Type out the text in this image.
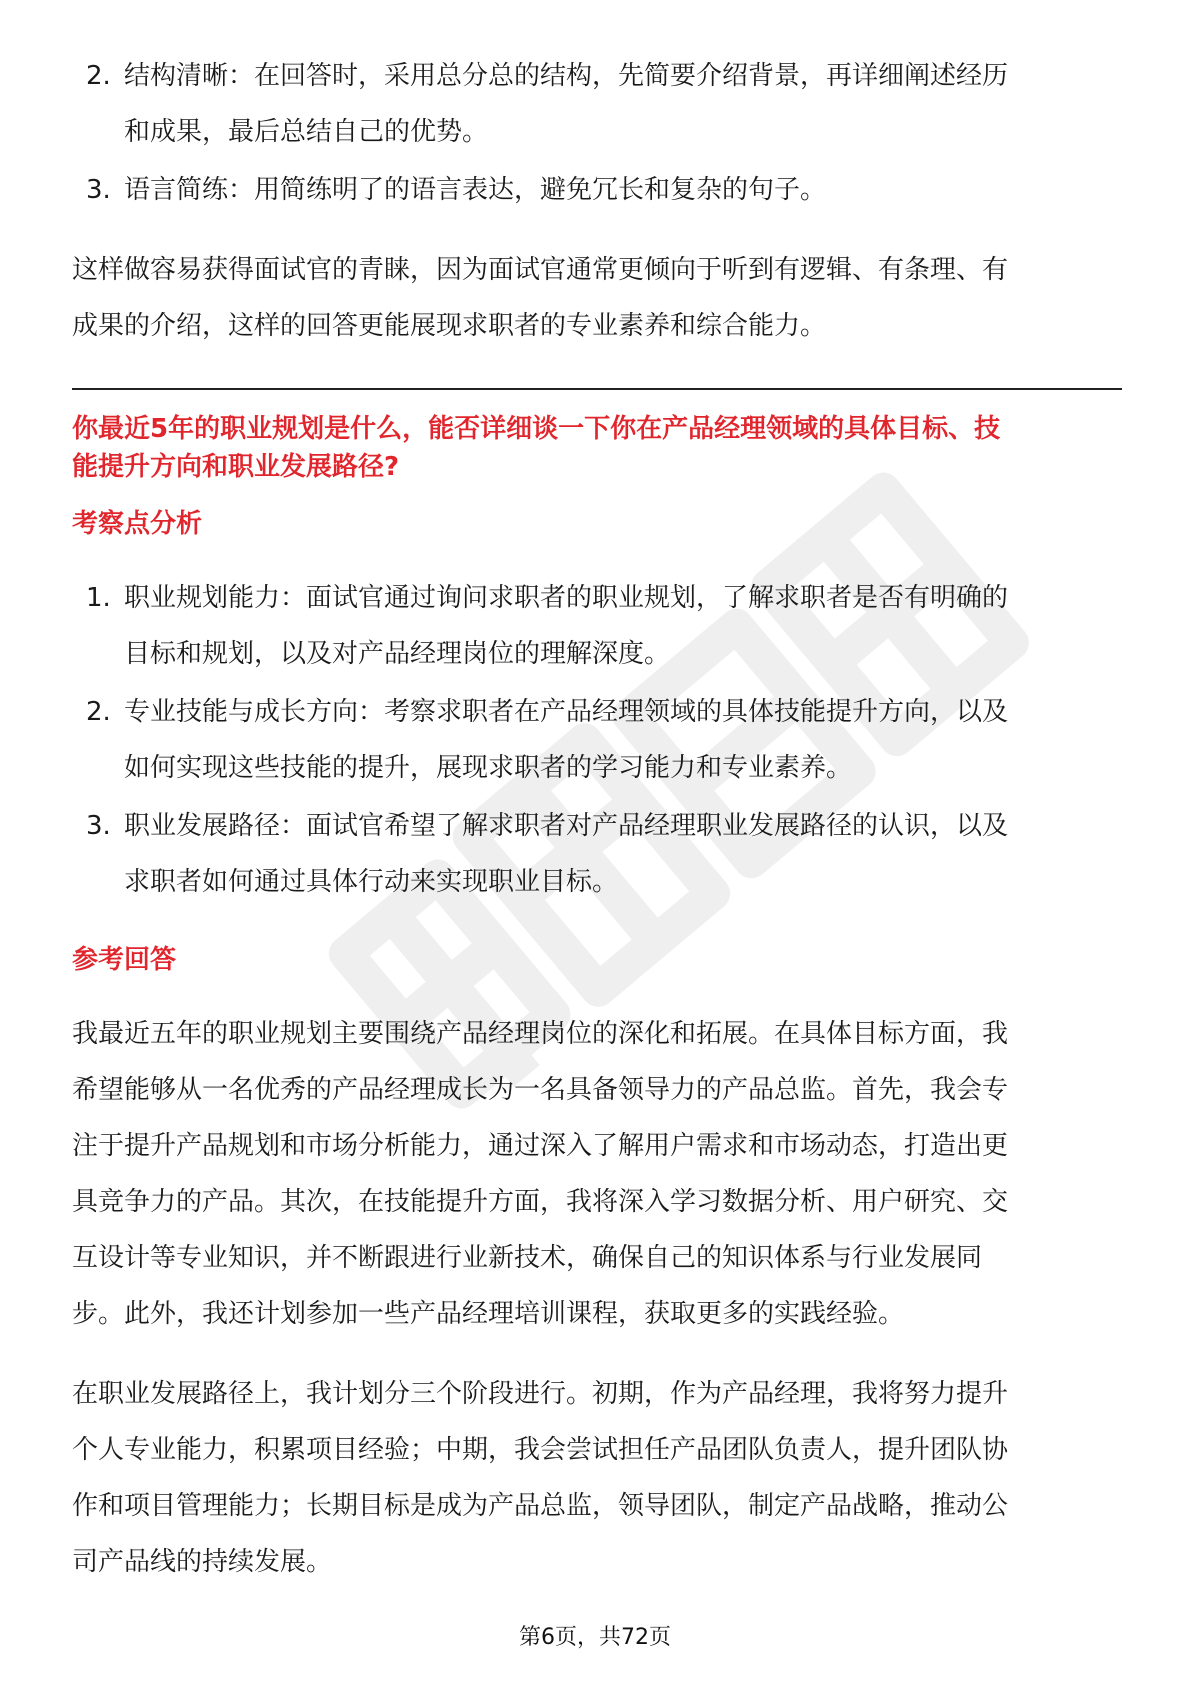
2. 结构清晰：在回答时，采用总分总的结构，先简要介绍背景，再详细阐述经历
和成果，最后总结自己的优势。
3. 语言简练：用简练明了的语言表达，避免冗长和复杂的句子。

这样做容易获得面试官的青睐，因为面试官通常更倾向于听到有逻辑、有条理、有
成果的介绍，这样的回答更能展现求职者的专业素养和综合能力。

你最近5年的职业规划是什么，能否详细谈一下你在产品经理领域的具体目标、技
能提升方向和职业发展路径?

考察点分析

1. 职业规划能力：面试官通过询问求职者的职业规划，了解求职者是否有明确的
目标和规划，以及对产品经理岗位的理解深度。
2. 专业技能与成长方向：考察求职者在产品经理领域的具体技能提升方向，以及
如何实现这些技能的提升，展现求职者的学习能力和专业素养。
3. 职业发展路径：面试官希望了解求职者对产品经理职业发展路径的认识，以及
求职者如何通过具体行动来实现职业目标。

参考回答

我最近五年的职业规划主要围绕产品经理岗位的深化和拓展。在具体目标方面，我
希望能够从一名优秀的产品经理成长为一名具备领导力的产品总监。首先，我会专
注于提升产品规划和市场分析能力，通过深入了解用户需求和市场动态，打造出更
具竞争力的产品。其次，在技能提升方面，我将深入学习数据分析、用户研究、交
互设计等专业知识，并不断跟进行业新技术，确保自己的知识体系与行业发展同
步。此外，我还计划参加一些产品经理培训课程，获取更多的实践经验。

在职业发展路径上，我计划分三个阶段进行。初期，作为产品经理，我将努力提升
个人专业能力，积累项目经验；中期，我会尝试担任产品团队负责人，提升团队协
作和项目管理能力；长期目标是成为产品总监，领导团队，制定产品战略，推动公
司产品线的持续发展。

第6页，共72页
